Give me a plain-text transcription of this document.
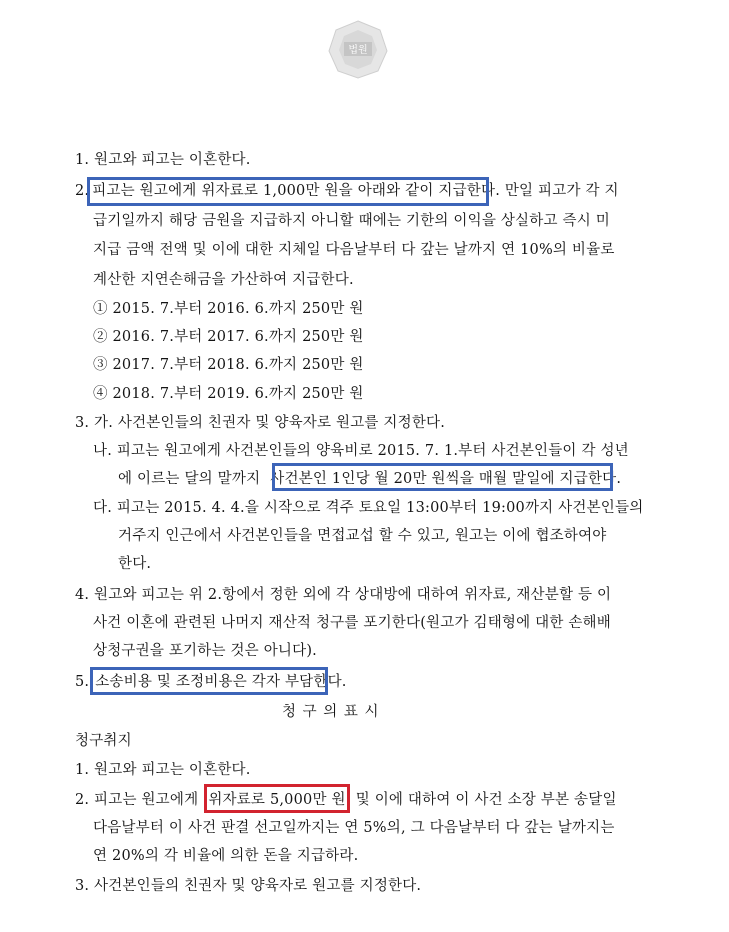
법원
1. 원고와 피고는 이혼한다.
2. 피고는 원고에게 위자료로 1,000만 원을 아래와 같이 지급한다. 만일 피고가 각 지
급기일까지 해당 금원을 지급하지 아니할 때에는 기한의 이익을 상실하고 즉시 미
지급 금액 전액 및 이에 대한 지체일 다음날부터 다 갚는 날까지 연 10%의 비율로
계산한 지연손해금을 가산하여 지급한다.
① 2015. 7.부터 2016. 6.까지 250만 원
② 2016. 7.부터 2017. 6.까지 250만 원
③ 2017. 7.부터 2018. 6.까지 250만 원
④ 2018. 7.부터 2019. 6.까지 250만 원
3. 가. 사건본인들의 친권자 및 양육자로 원고를 지정한다.
나. 피고는 원고에게 사건본인들의 양육비로 2015. 7. 1.부터 사건본인들이 각 성년
에 이르는 달의 말까지 사건본인 1인당 월 20만 원씩을 매월 말일에 지급한다.
다. 피고는 2015. 4. 4.을 시작으로 격주 토요일 13:00부터 19:00까지 사건본인들의
거주지 인근에서 사건본인들을 면접교섭 할 수 있고, 원고는 이에 협조하여야
한다.
4. 원고와 피고는 위 2.항에서 정한 외에 각 상대방에 대하여 위자료, 재산분할 등 이
사건 이혼에 관련된 나머지 재산적 청구를 포기한다(원고가 김태형에 대한 손해배
상청구권을 포기하는 것은 아니다).
5. 소송비용 및 조정비용은 각자 부담한다.
청 구 의 표 시
청구취지
1. 원고와 피고는 이혼한다.
2. 피고는 원고에게 위자료로 5,000만 원 및 이에 대하여 이 사건 소장 부본 송달일
다음날부터 이 사건 판결 선고일까지는 연 5%의, 그 다음날부터 다 갚는 날까지는
연 20%의 각 비율에 의한 돈을 지급하라.
3. 사건본인들의 친권자 및 양육자로 원고를 지정한다.
